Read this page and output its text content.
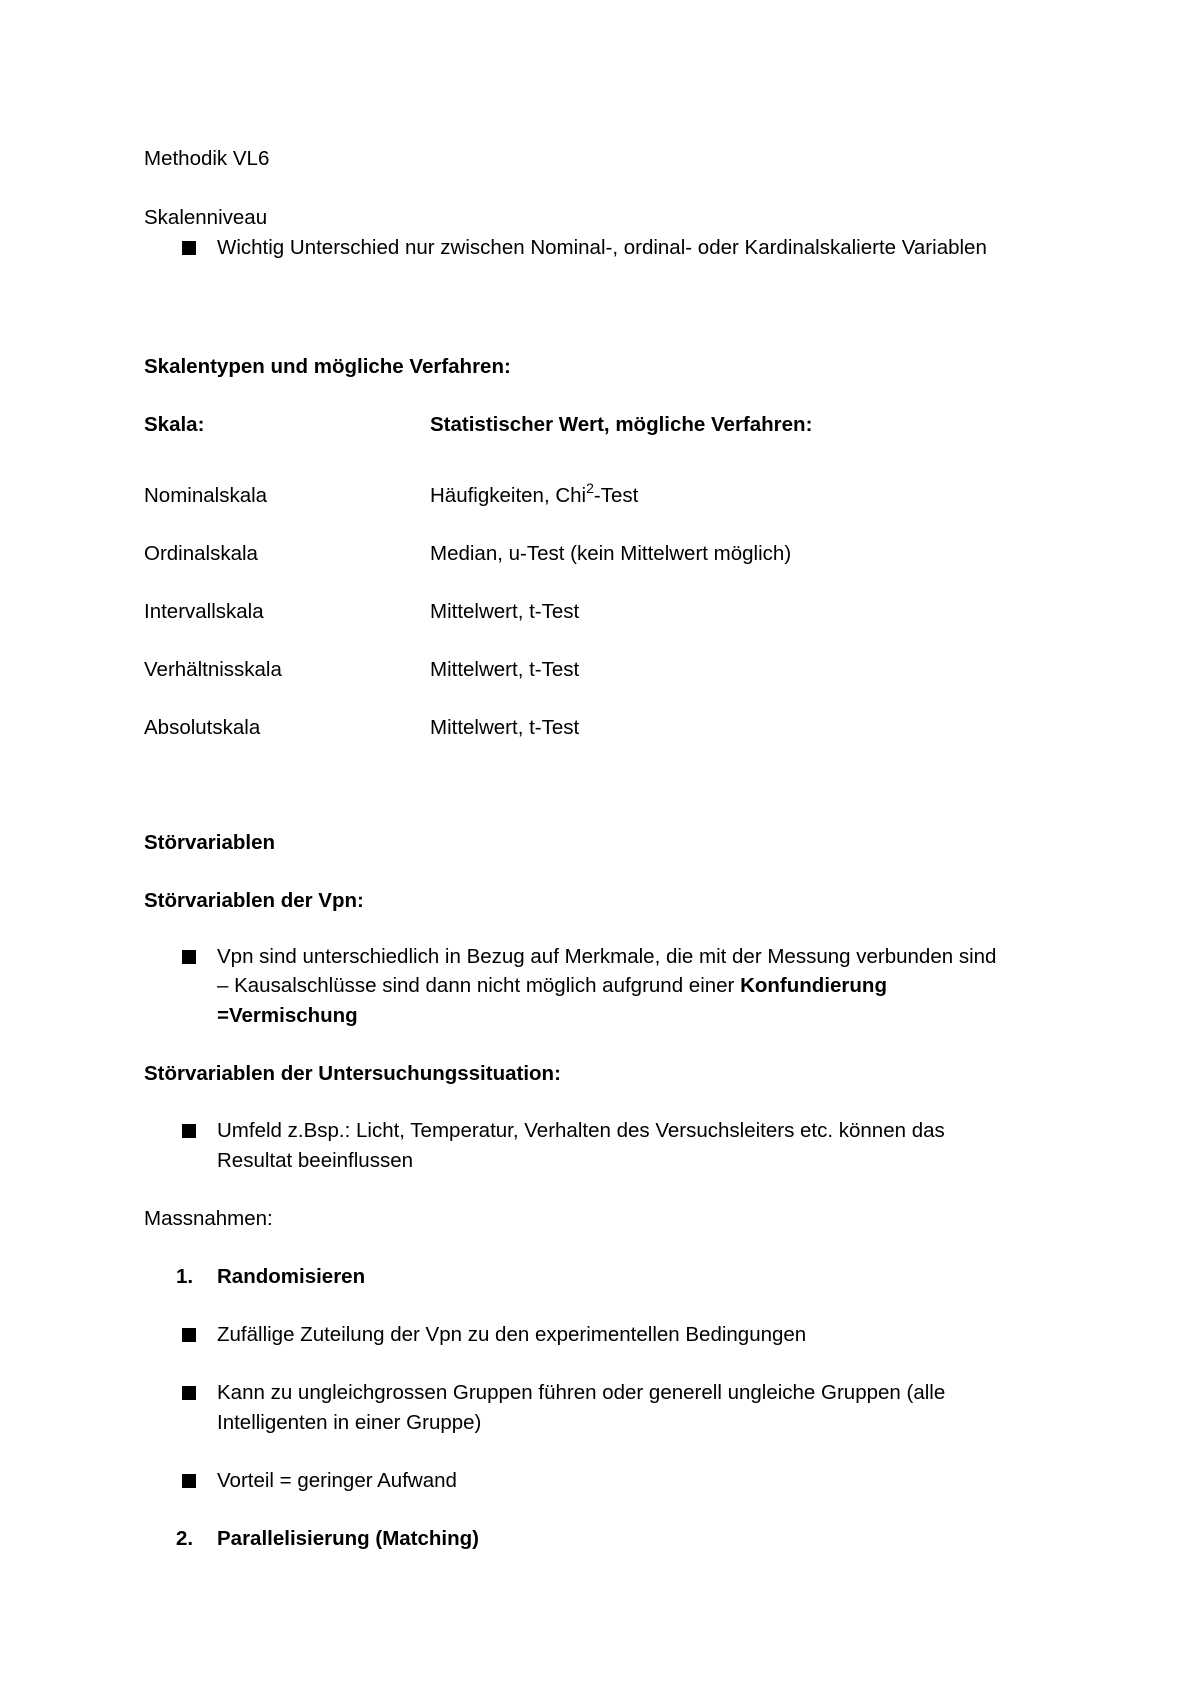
Methodik VL6
Skalenniveau
Wichtig Unterschied nur zwischen Nominal-, ordinal- oder Kardinalskalierte Variablen
Skalentypen und mögliche Verfahren:
Skala:	Statistischer Wert, mögliche Verfahren:
Nominalskala	Häufigkeiten, Chi$^2$-Test
Ordinalskala	Median, u-Test (kein Mittelwert möglich)
Intervallskala	Mittelwert, t-Test
Verhältnisskala	Mittelwert, t-Test
Absolutskala	Mittelwert, t-Test
Störvariablen
Störvariablen der Vpn:
Vpn sind unterschiedlich in Bezug auf Merkmale, die mit der Messung verbunden sind
– Kausalschlüsse sind dann nicht möglich aufgrund einer Konfundierung
=Vermischung
Störvariablen der Untersuchungssituation:
Umfeld z.Bsp.: Licht, Temperatur, Verhalten des Versuchsleiters etc. können das
Resultat beeinflussen
Massnahmen:
1. Randomisieren
Zufällige Zuteilung der Vpn zu den experimentellen Bedingungen
Kann zu ungleichgrossen Gruppen führen oder generell ungleiche Gruppen (alle
Intelligenten in einer Gruppe)
Vorteil = geringer Aufwand
2. Parallelisierung (Matching)
